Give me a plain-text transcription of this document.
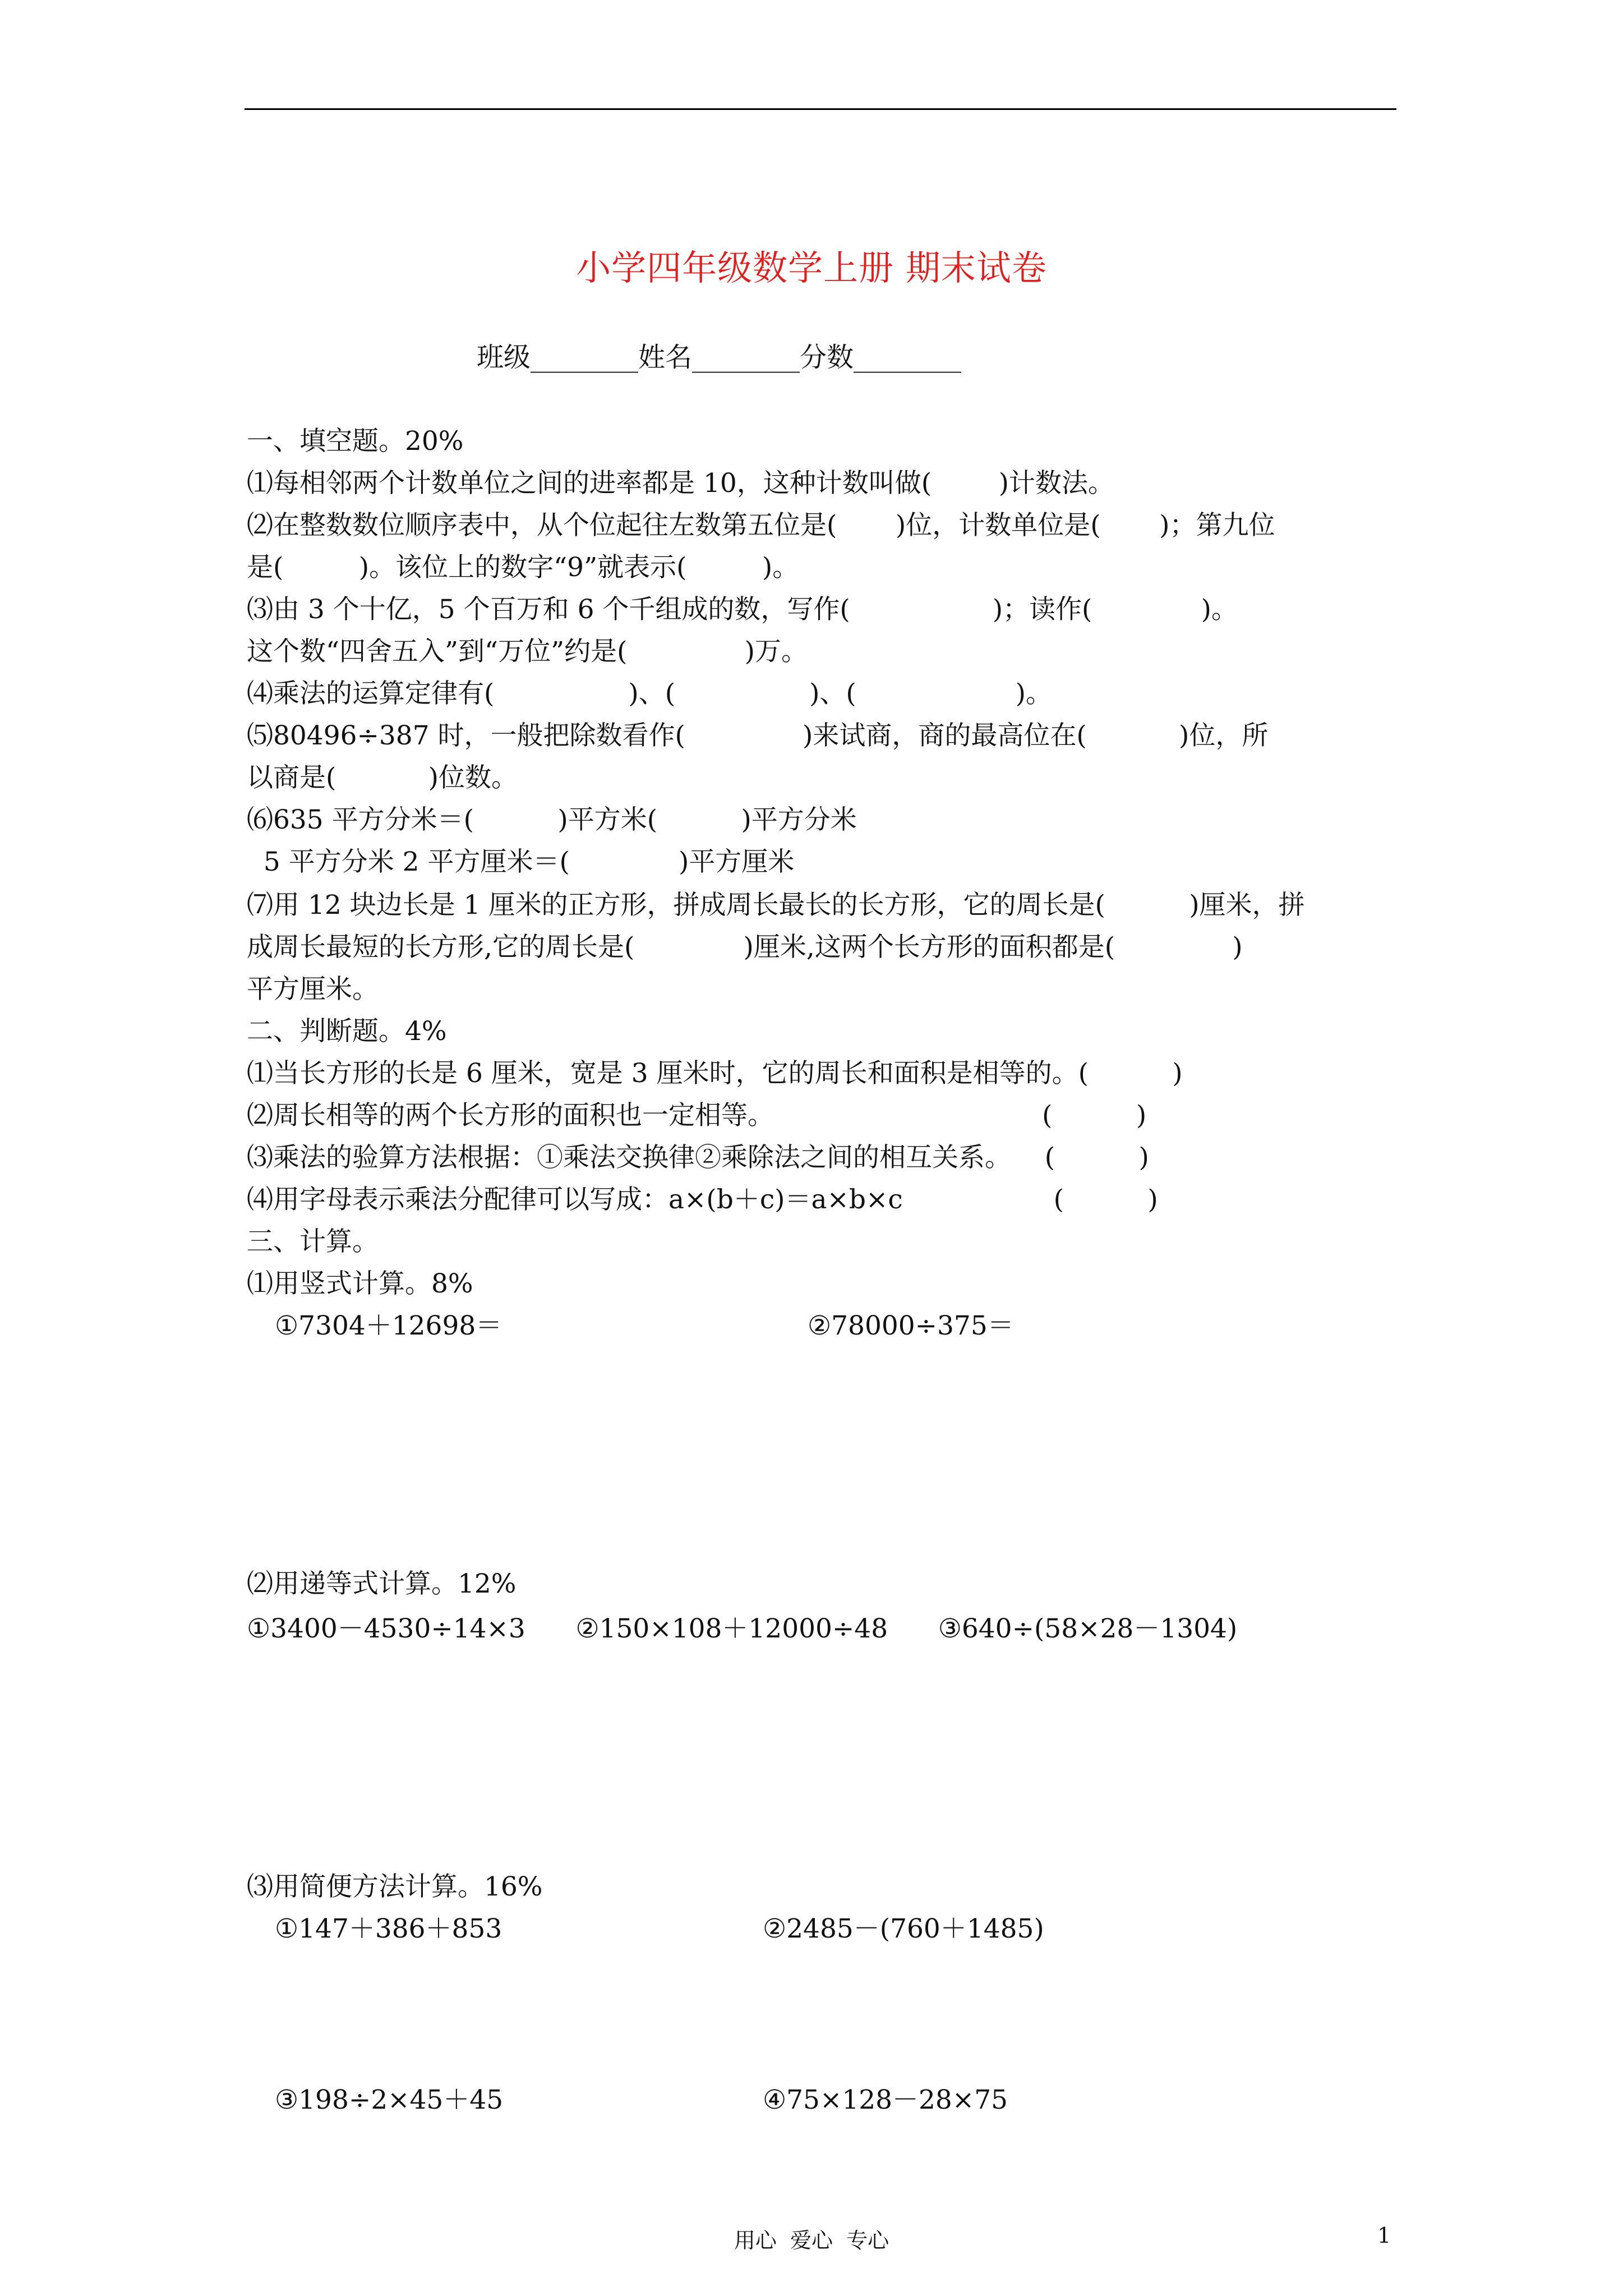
小学四年级数学上册 期末试卷
班级________姓名________分数________
一、填空题。20%
⑴每相邻两个计数单位之间的进率都是 10，这种计数叫做(        )计数法。
⑵在整数数位顺序表中，从个位起往左数第五位是(       )位，计数单位是(       )；第九位
是(         )。该位上的数字“9”就表示(         )。
⑶由 3 个十亿，5 个百万和 6 个千组成的数，写作(                 )；读作(             )。
这个数“四舍五入”到“万位”约是(              )万。
⑷乘法的运算定律有(                )、(                )、(                   )。
⑸80496÷387 时，一般把除数看作(              )来试商，商的最高位在(           )位，所
以商是(           )位数。
⑹635 平方分米＝(          )平方米(          )平方分米
5 平方分米 2 平方厘米＝(             )平方厘米
⑺用 12 块边长是 1 厘米的正方形，拼成周长最长的长方形，它的周长是(          )厘米，拼
成周长最短的长方形,它的周长是(             )厘米,这两个长方形的面积都是(              )
平方厘米。
二、判断题。4%
⑴当长方形的长是 6 厘米，宽是 3 厘米时，它的周长和面积是相等的。(          )
⑵周长相等的两个长方形的面积也一定相等。                                (          )
⑶乘法的验算方法根据：①乘法交换律②乘除法之间的相互关系。    (          )
⑷用字母表示乘法分配律可以写成：a×(b＋c)＝a×b×c                  (          )
三、计算。
⑴用竖式计算。8%
①7304＋12698＝	②78000÷375＝
⑵用递等式计算。12%
①3400－4530÷14×3      ②150×108＋12000÷48      ③640÷(58×28－1304)
⑶用简便方法计算。16%
①147＋386＋853	②2485－(760＋1485)
③198÷2×45＋45	④75×128－28×75
用心  爱心  专心	1
